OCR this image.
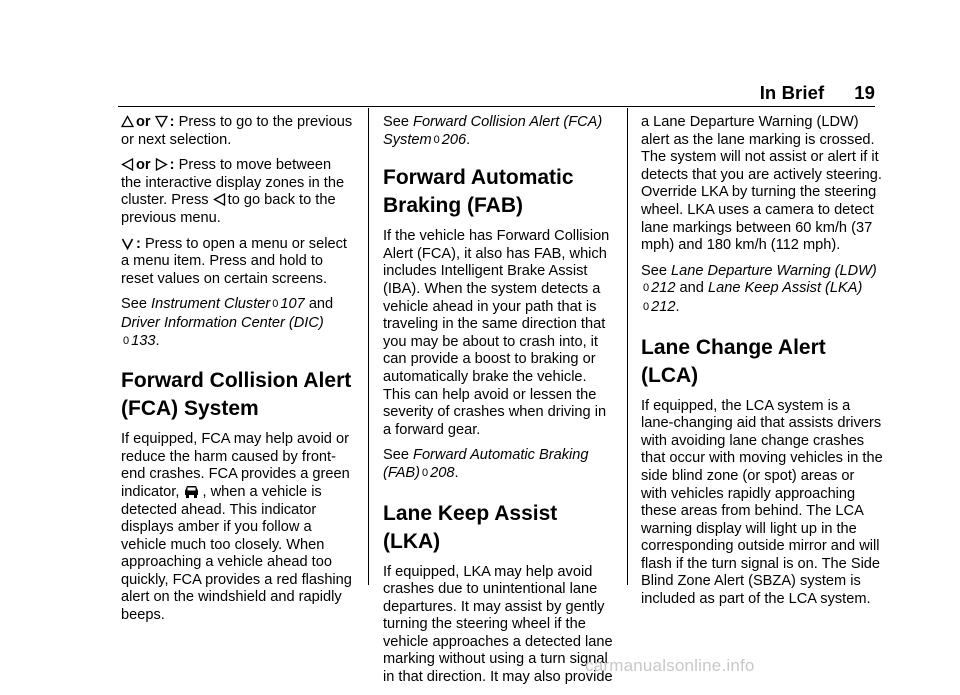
In Brief 19

or : Press to go to the previous or next selection.

or : Press to move between the interactive display zones in the cluster. Press to go back to the previous menu.

: Press to open a menu or select a menu item. Press and hold to reset values on certain screens.

See Instrument Cluster 0 107 and Driver Information Center (DIC)
0 133.

Forward Collision Alert (FCA) System

If equipped, FCA may help avoid or reduce the harm caused by front-end crashes. FCA provides a green indicator, , when a vehicle is detected ahead. This indicator displays amber if you follow a vehicle much too closely. When approaching a vehicle ahead too quickly, FCA provides a red flashing alert on the windshield and rapidly beeps.

See Forward Collision Alert (FCA) System 0 206.

Forward Automatic Braking (FAB)

If the vehicle has Forward Collision Alert (FCA), it also has FAB, which includes Intelligent Brake Assist (IBA). When the system detects a vehicle ahead in your path that is traveling in the same direction that you may be about to crash into, it can provide a boost to braking or automatically brake the vehicle. This can help avoid or lessen the severity of crashes when driving in a forward gear.

See Forward Automatic Braking (FAB) 0 208.

Lane Keep Assist (LKA)

If equipped, LKA may help avoid crashes due to unintentional lane departures. It may assist by gently turning the steering wheel if the vehicle approaches a detected lane marking without using a turn signal in that direction. It may also provide

a Lane Departure Warning (LDW) alert as the lane marking is crossed. The system will not assist or alert if it detects that you are actively steering. Override LKA by turning the steering wheel. LKA uses a camera to detect lane markings between 60 km/h (37 mph) and 180 km/h (112 mph).

See Lane Departure Warning (LDW)
0 212 and Lane Keep Assist (LKA)
0 212.

Lane Change Alert (LCA)

If equipped, the LCA system is a lane-changing aid that assists drivers with avoiding lane change crashes that occur with moving vehicles in the side blind zone (or spot) areas or with vehicles rapidly approaching these areas from behind. The LCA warning display will light up in the corresponding outside mirror and will flash if the turn signal is on. The Side Blind Zone Alert (SBZA) system is included as part of the LCA system.

carmanualsonline.info
